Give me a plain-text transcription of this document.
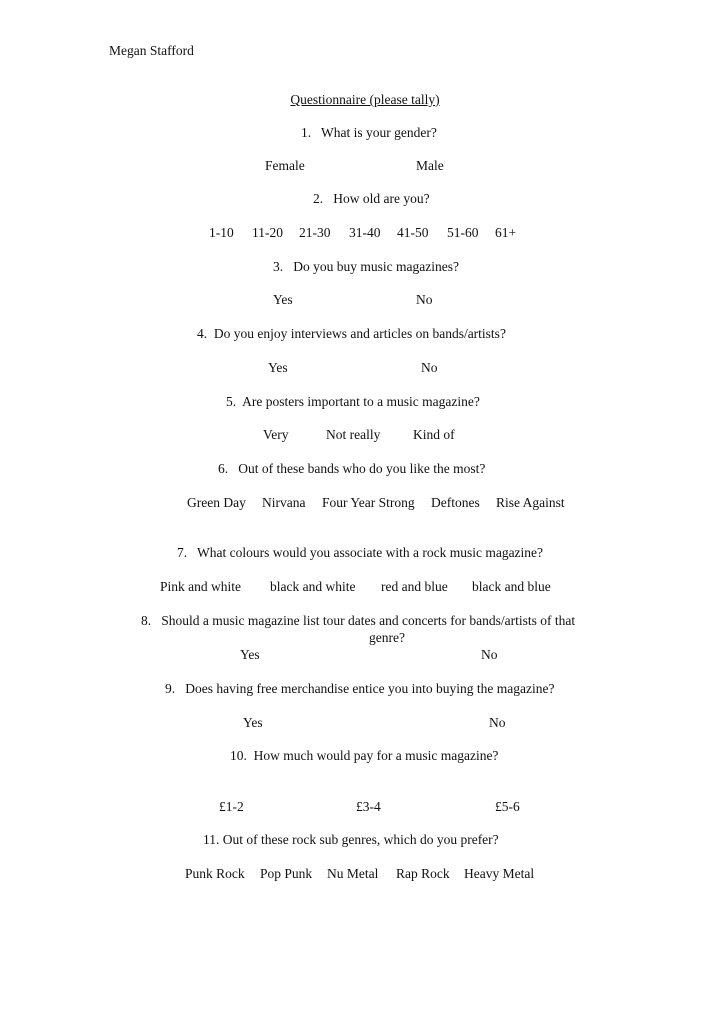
Megan Stafford
Questionnaire (please tally)
1. What is your gender?
Female	Male
2. How old are you?
1-10 11-20 21-30 31-40 41-50 51-60 61+
3. Do you buy music magazines?
Yes	No
4. Do you enjoy interviews and articles on bands/artists?
Yes	No
5. Are posters important to a music magazine?
Very	Not really Kind of
6. Out of these bands who do you like the most?
Green Day Nirvana Four Year Strong Deftones Rise Against
7. What colours would you associate with a rock music magazine?
Pink and white black and white red and blue black and blue
8. Should a music magazine list tour dates and concerts for bands/artists of that
genre?
Yes	No
9. Does having free merchandise entice you into buying the magazine?
Yes	No
10. How much would pay for a music magazine?
£1-2	£3-4	£5-6
11. Out of these rock sub genres, which do you prefer?
Punk Rock Pop Punk Nu Metal Rap Rock Heavy Metal
